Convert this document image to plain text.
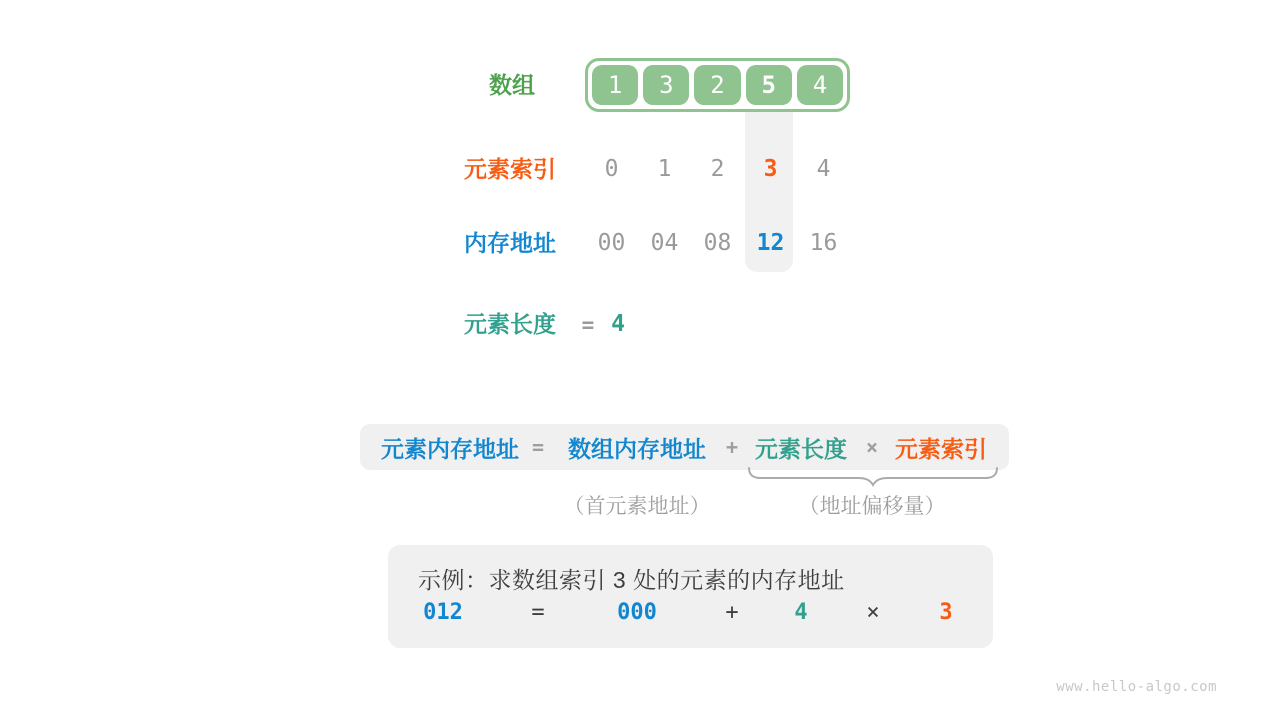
数组	1	3	2	5	4
元素索引	0	1	2	3	4
内存地址	00	04	08	12	16
元素长度 = 4
元素内存地址 =	数组内存地址 + 元素长度 × 元素索引
（首元素地址）	（地址偏移量）
示例：求数组索引 3 处的元素的内存地址
012	=	000	+	4	×	3
www.hello-algo.com
